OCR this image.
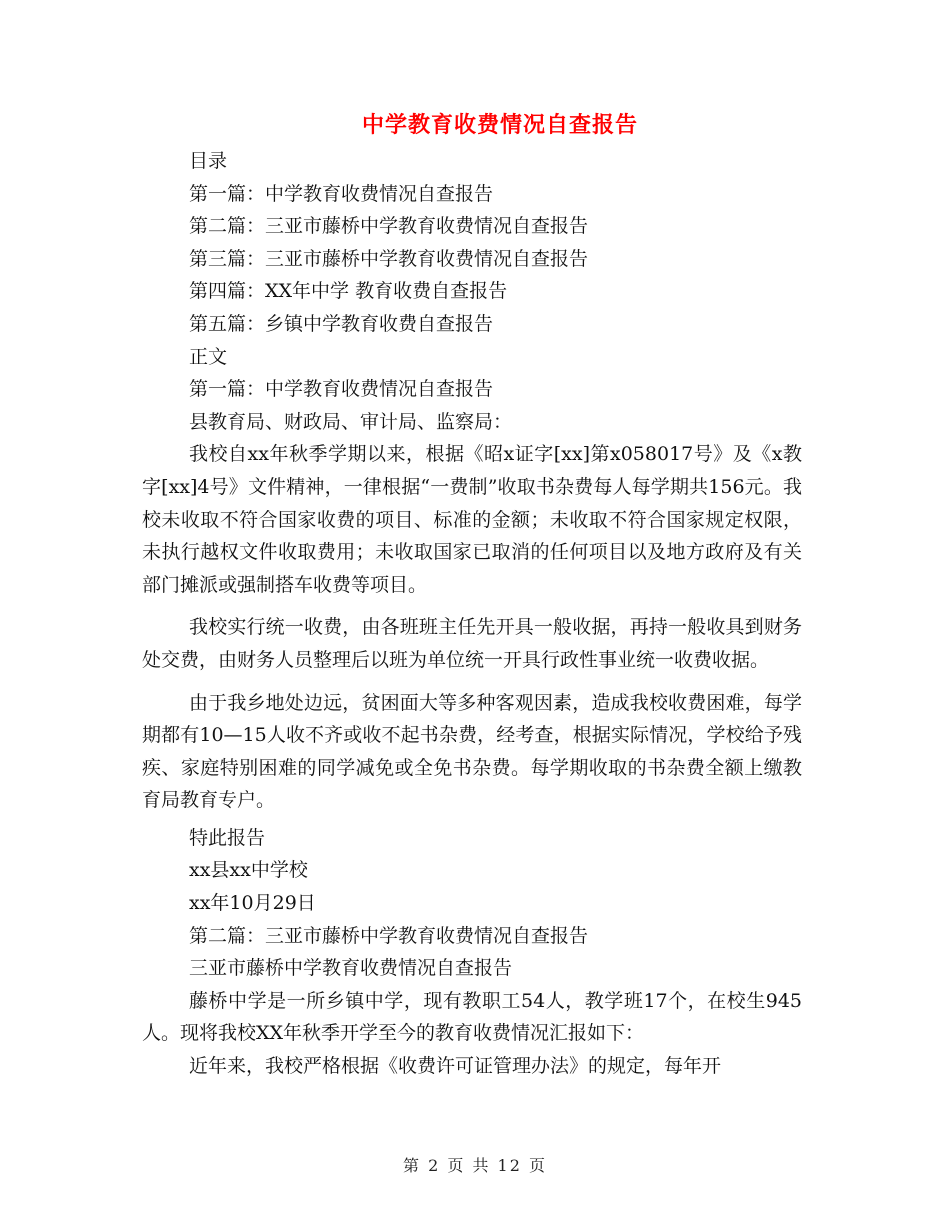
中学教育收费情况自查报告
目录
第一篇：中学教育收费情况自查报告
第二篇：三亚市藤桥中学教育收费情况自查报告
第三篇：三亚市藤桥中学教育收费情况自查报告
第四篇：XX年中学 教育收费自查报告
第五篇：乡镇中学教育收费自查报告
正文
第一篇：中学教育收费情况自查报告
县教育局、财政局、审计局、监察局：

我校自xx年秋季学期以来，根据《昭x证字[xx]第x058017号》及《x教字[xx]4号》文件精神，一律根据“一费制”收取书杂费每人每学期共156元。我校未收取不符合国家收费的项目、标准的金额；未收取不符合国家规定权限，未执行越权文件收取费用；未收取国家已取消的任何项目以及地方政府及有关部门摊派或强制搭车收费等项目。

我校实行统一收费，由各班班主任先开具一般收据，再持一般收具到财务处交费，由财务人员整理后以班为单位统一开具行政性事业统一收费收据。

由于我乡地处边远，贫困面大等多种客观因素，造成我校收费困难，每学期都有10—15人收不齐或收不起书杂费，经考查，根据实际情况，学校给予残疾、家庭特别困难的同学减免或全免书杂费。每学期收取的书杂费全额上缴教育局教育专户。

特此报告
xx县xx中学校
xx年10月29日
第二篇：三亚市藤桥中学教育收费情况自查报告
三亚市藤桥中学教育收费情况自查报告

藤桥中学是一所乡镇中学，现有教职工54人，教学班17个，在校生945人。现将我校XX年秋季开学至今的教育收费情况汇报如下：

近年来，我校严格根据《收费许可证管理办法》的规定，每年开

第 2 页 共 12 页
